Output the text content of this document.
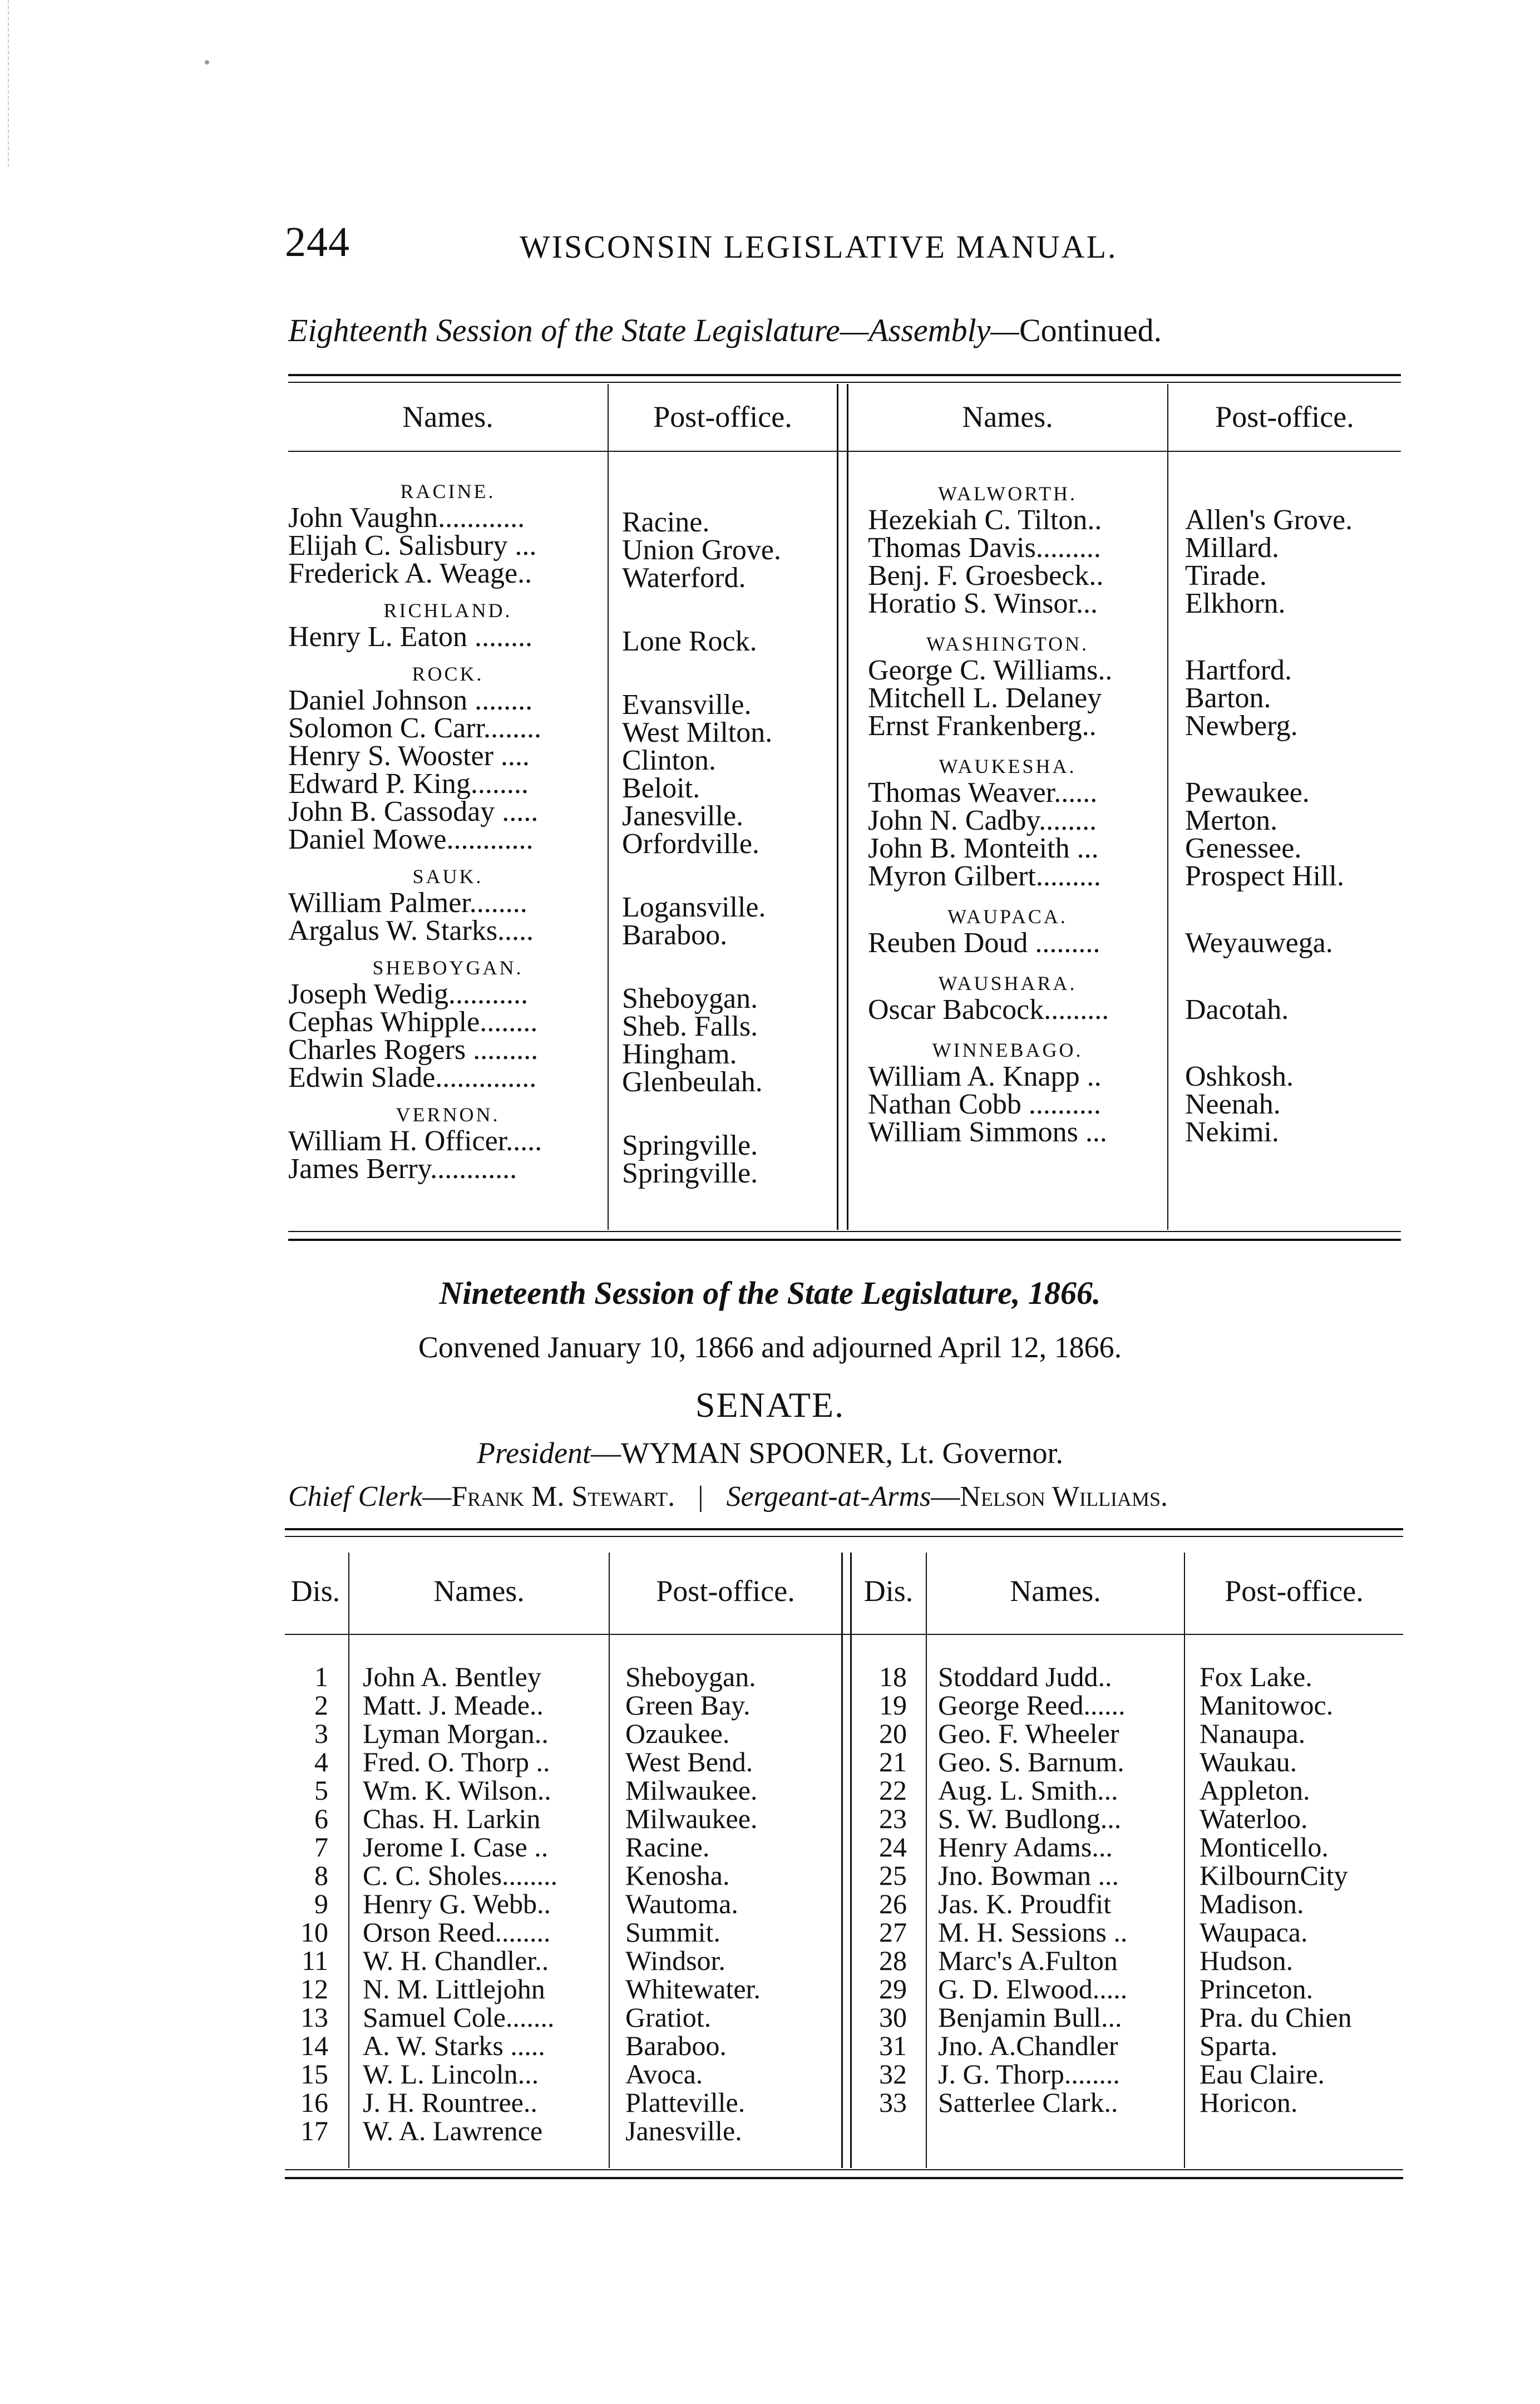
244	WISCONSIN LEGISLATIVE MANUAL.
Eighteenth Session of the State Legislature—Assembly—Continued.
Names.	Post-office.	Names.	Post-office.
RACINE.
John Vaughn............	Racine.
Elijah C. Salisbury ...	Union Grove.
Frederick A. Weage..	Waterford.
RICHLAND.
Henry L. Eaton ........	Lone Rock.
ROCK.
Daniel Johnson ........	Evansville.
Solomon C. Carr........	West Milton.
Henry S. Wooster ....	Clinton.
Edward P. King........	Beloit.
John B. Cassoday .....	Janesville.
Daniel Mowe............	Orfordville.
SAUK.
William Palmer........	Logansville.
Argalus W. Starks.....	Baraboo.
SHEBOYGAN.
Joseph Wedig...........	Sheboygan.
Cephas Whipple........	Sheb. Falls.
Charles Rogers .........	Hingham.
Edwin Slade..............	Glenbeulah.
VERNON.
William H. Officer.....	Springville.
James Berry............	Springville.
WALWORTH.
Hezekiah C. Tilton..	Allen's Grove.
Thomas Davis.........	Millard.
Benj. F. Groesbeck..	Tirade.
Horatio S. Winsor...	Elkhorn.
WASHINGTON.
George C. Williams..	Hartford.
Mitchell L. Delaney	Barton.
Ernst Frankenberg..	Newberg.
WAUKESHA.
Thomas Weaver......	Pewaukee.
John N. Cadby........	Merton.
John B. Monteith ...	Genessee.
Myron Gilbert.........	Prospect Hill.
WAUPACA.
Reuben Doud .........	Weyauwega.
WAUSHARA.
Oscar Babcock.........	Dacotah.
WINNEBAGO.
William A. Knapp ..	Oshkosh.
Nathan Cobb ..........	Neenah.
William Simmons ...	Nekimi.
Nineteenth Session of the State Legislature, 1866.
Convened January 10, 1866 and adjourned April 12, 1866.
SENATE.
President—WYMAN SPOONER, Lt. Governor.
Chief Clerk—Frank M. Stewart. | Sergeant-at-Arms—Nelson Williams.
Dis.	Names.	Post-office.	Dis.	Names.	Post-office.
1 John A. Bentley	Sheboygan.
2 Matt. J. Meade..	Green Bay.
3 Lyman Morgan..	Ozaukee.
4 Fred. O. Thorp ..	West Bend.
5 Wm. K. Wilson..	Milwaukee.
6 Chas. H. Larkin	Milwaukee.
7 Jerome I. Case ..	Racine.
8 C. C. Sholes........ Kenosha.
9 Henry G. Webb..	Wautoma.
10 Orson Reed........	Summit.
11 W. H. Chandler..	Windsor.
12 N. M. Littlejohn	Whitewater.
13 Samuel Cole.......	Gratiot.
14 A. W. Starks .....	Baraboo.
15 W. L. Lincoln...	Avoca.
16 J. H. Rountree..	Platteville.
17 W. A. Lawrence	Janesville.
18 Stoddard Judd..	Fox Lake.
19 George Reed......	Manitowoc.
20 Geo. F. Wheeler	Nanaupa.
21 Geo. S. Barnum.	Waukau.
22 Aug. L. Smith...	Appleton.
23 S. W. Budlong...	Waterloo.
24 Henry Adams...	Monticello.
25 Jno. Bowman ...	KilbournCity
26 Jas. K. Proudfit	Madison.
27 M. H. Sessions ..	Waupaca.
28 Marc's A.Fulton	Hudson.
29 G. D. Elwood.....	Princeton.
30 Benjamin Bull...	Pra. du Chien
31 Jno. A.Chandler	Sparta.
32 J. G. Thorp........	Eau Claire.
33 Satterlee Clark..	Horicon.
